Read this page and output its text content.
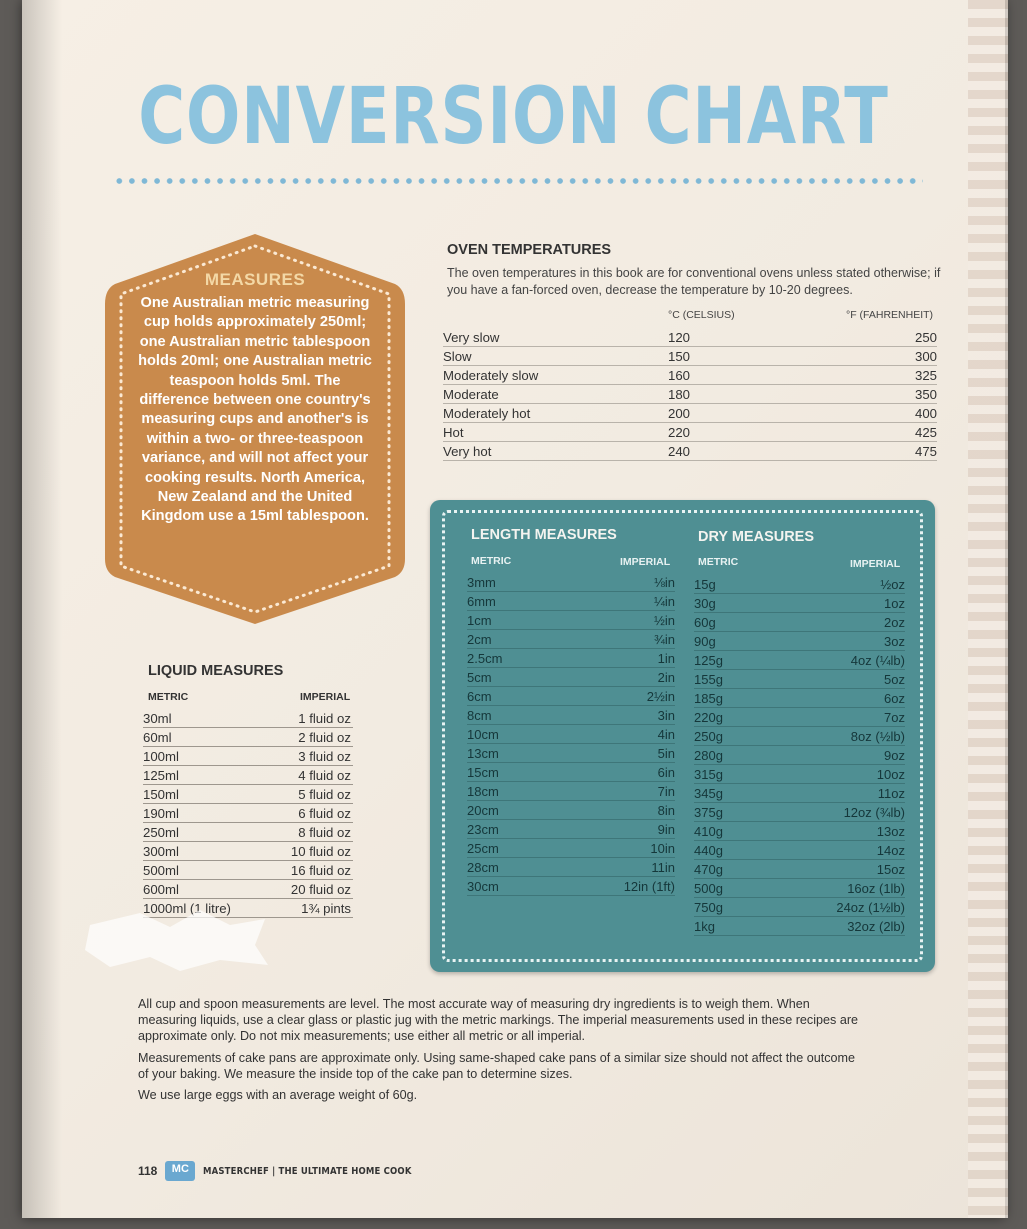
CONVERSION CHART
MEASURES
One Australian metric measuring cup holds approximately 250ml; one Australian metric tablespoon holds 20ml; one Australian metric teaspoon holds 5ml. The difference between one country's measuring cups and another's is within a two- or three-teaspoon variance, and will not affect your cooking results. North America, New Zealand and the United Kingdom use a 15ml tablespoon.
OVEN TEMPERATURES
The oven temperatures in this book are for conventional ovens unless stated otherwise; if you have a fan-forced oven, decrease the temperature by 10-20 degrees.
°C (CELSIUS)	°F (FAHRENHEIT)
Very slow	120	250
Slow	150	300
Moderately slow	160	325
Moderate	180	350
Moderately hot	200	400
Hot	220	425
Very hot	240	475
LENGTH MEASURES
METRIC	IMPERIAL
DRY MEASURES
METRIC	IMPERIAL
3mm	⅛in
6mm	¼in
1cm	½in
2cm	¾in
2.5cm	1in
5cm	2in
6cm	2½in
8cm	3in
10cm	4in
13cm	5in
15cm	6in
18cm	7in
20cm	8in
23cm	9in
25cm	10in
28cm	11in
30cm	12in (1ft)
15g	½oz
30g	1oz
60g	2oz
90g	3oz
125g	4oz (¼lb)
155g	5oz
185g	6oz
220g	7oz
250g	8oz (½lb)
280g	9oz
315g	10oz
345g	11oz
375g	12oz (¾lb)
410g	13oz
440g	14oz
470g	15oz
500g	16oz (1lb)
750g	24oz (1½lb)
1kg	32oz (2lb)
LIQUID MEASURES
METRIC	IMPERIAL
30ml	1 fluid oz
60ml	2 fluid oz
100ml	3 fluid oz
125ml	4 fluid oz
150ml	5 fluid oz
190ml	6 fluid oz
250ml	8 fluid oz
300ml	10 fluid oz
500ml	16 fluid oz
600ml	20 fluid oz
1000ml (1 litre)	1¾ pints

All cup and spoon measurements are level. The most accurate way of measuring dry ingredients is to weigh them. When measuring liquids, use a clear glass or plastic jug with the metric markings. The imperial measurements used in these recipes are approximate only. Do not mix measurements; use either all metric or all imperial.

Measurements of cake pans are approximate only. Using same-shaped cake pans of a similar size should not affect the outcome of your baking. We measure the inside top of the cake pan to determine sizes.

We use large eggs with an average weight of 60g.

118	MC	MASTERCHEF | THE ULTIMATE HOME COOK
